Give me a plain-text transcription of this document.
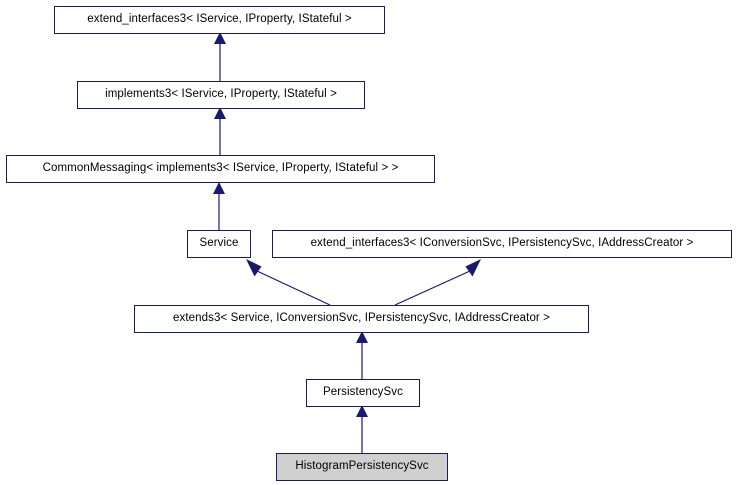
extend_interfaces3< IService, IProperty, IStateful >
implements3< IService, IProperty, IStateful >
CommonMessaging< implements3< IService, IProperty, IStateful > >
Service	extend_interfaces3< IConversionSvc, IPersistencySvc, IAddressCreator >
extends3< Service, IConversionSvc, IPersistencySvc, IAddressCreator >
PersistencySvc
HistogramPersistencySvc
